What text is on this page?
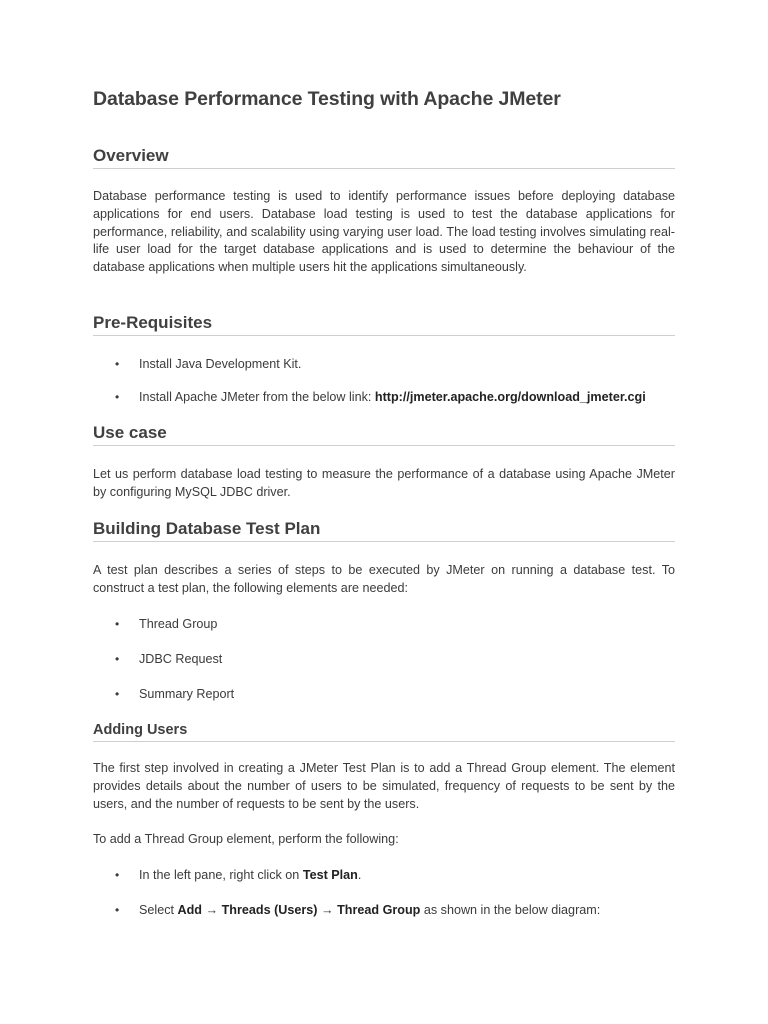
Database Performance Testing with Apache JMeter
Overview
Database performance testing is used to identify performance issues before deploying database applications for end users. Database load testing is used to test the database applications for performance, reliability, and scalability using varying user load. The load testing involves simulating real-life user load for the target database applications and is used to determine the behaviour of the database applications when multiple users hit the applications simultaneously.
Pre-Requisites
• Install Java Development Kit.
• Install Apache JMeter from the below link: http://jmeter.apache.org/download_jmeter.cgi
Use case
Let us perform database load testing to measure the performance of a database using Apache JMeter by configuring MySQL JDBC driver.
Building Database Test Plan
A test plan describes a series of steps to be executed by JMeter on running a database test. To construct a test plan, the following elements are needed:
• Thread Group
• JDBC Request
• Summary Report
Adding Users
The first step involved in creating a JMeter Test Plan is to add a Thread Group element. The element provides details about the number of users to be simulated, frequency of requests to be sent by the users, and the number of requests to be sent by the users.
To add a Thread Group element, perform the following:
• In the left pane, right click on Test Plan.
• Select Add → Threads (Users) → Thread Group as shown in the below diagram:
